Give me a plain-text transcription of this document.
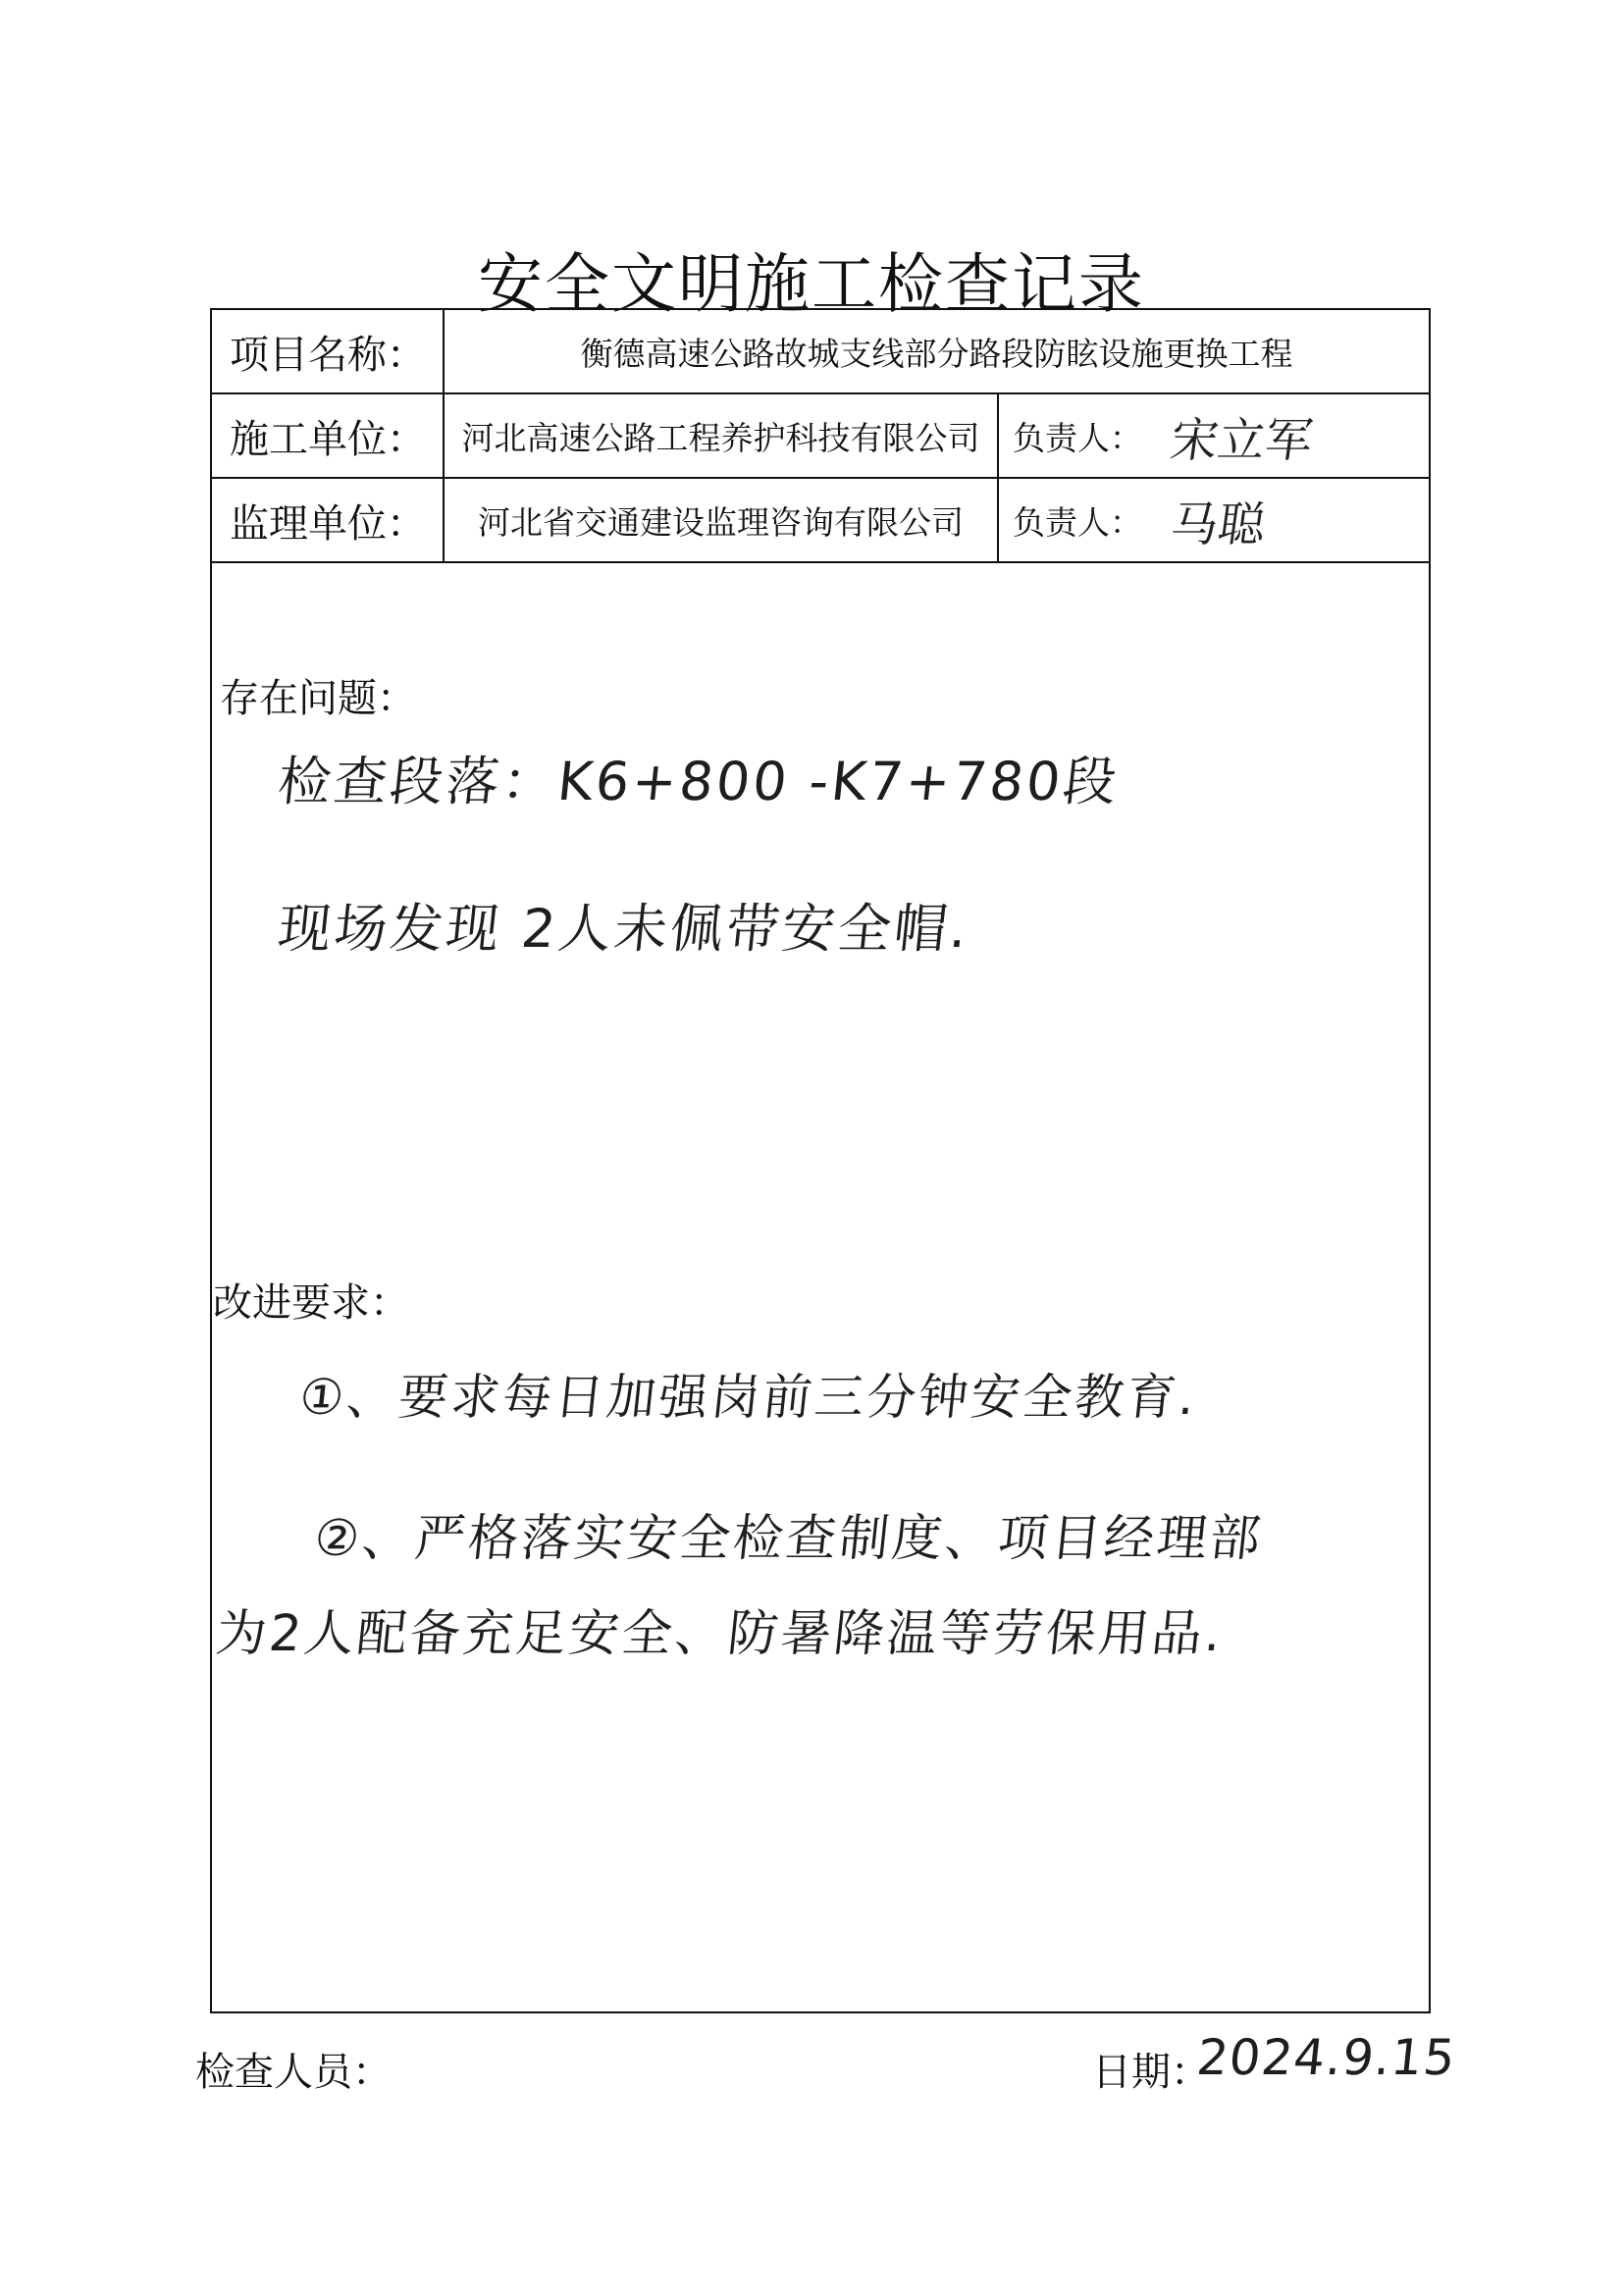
安全文明施工检查记录
项目名称：	衡德高速公路故城支线部分路段防眩设施更换工程
施工单位：	河北高速公路工程养护科技有限公司	负责人： 宋立军
监理单位：	河北省交通建设监理咨询有限公司	负责人： 马聪
存在问题：
检查段落：K6+800 -K7+780段
现场发现 2人未佩带安全帽.
改进要求：
①、要求每日加强岗前三分钟安全教育.
②、严格落实安全检查制度、项目经理部
为2人配备充足安全、防暑降温等劳保用品.
检查人员：	日期：
2024.9.15
